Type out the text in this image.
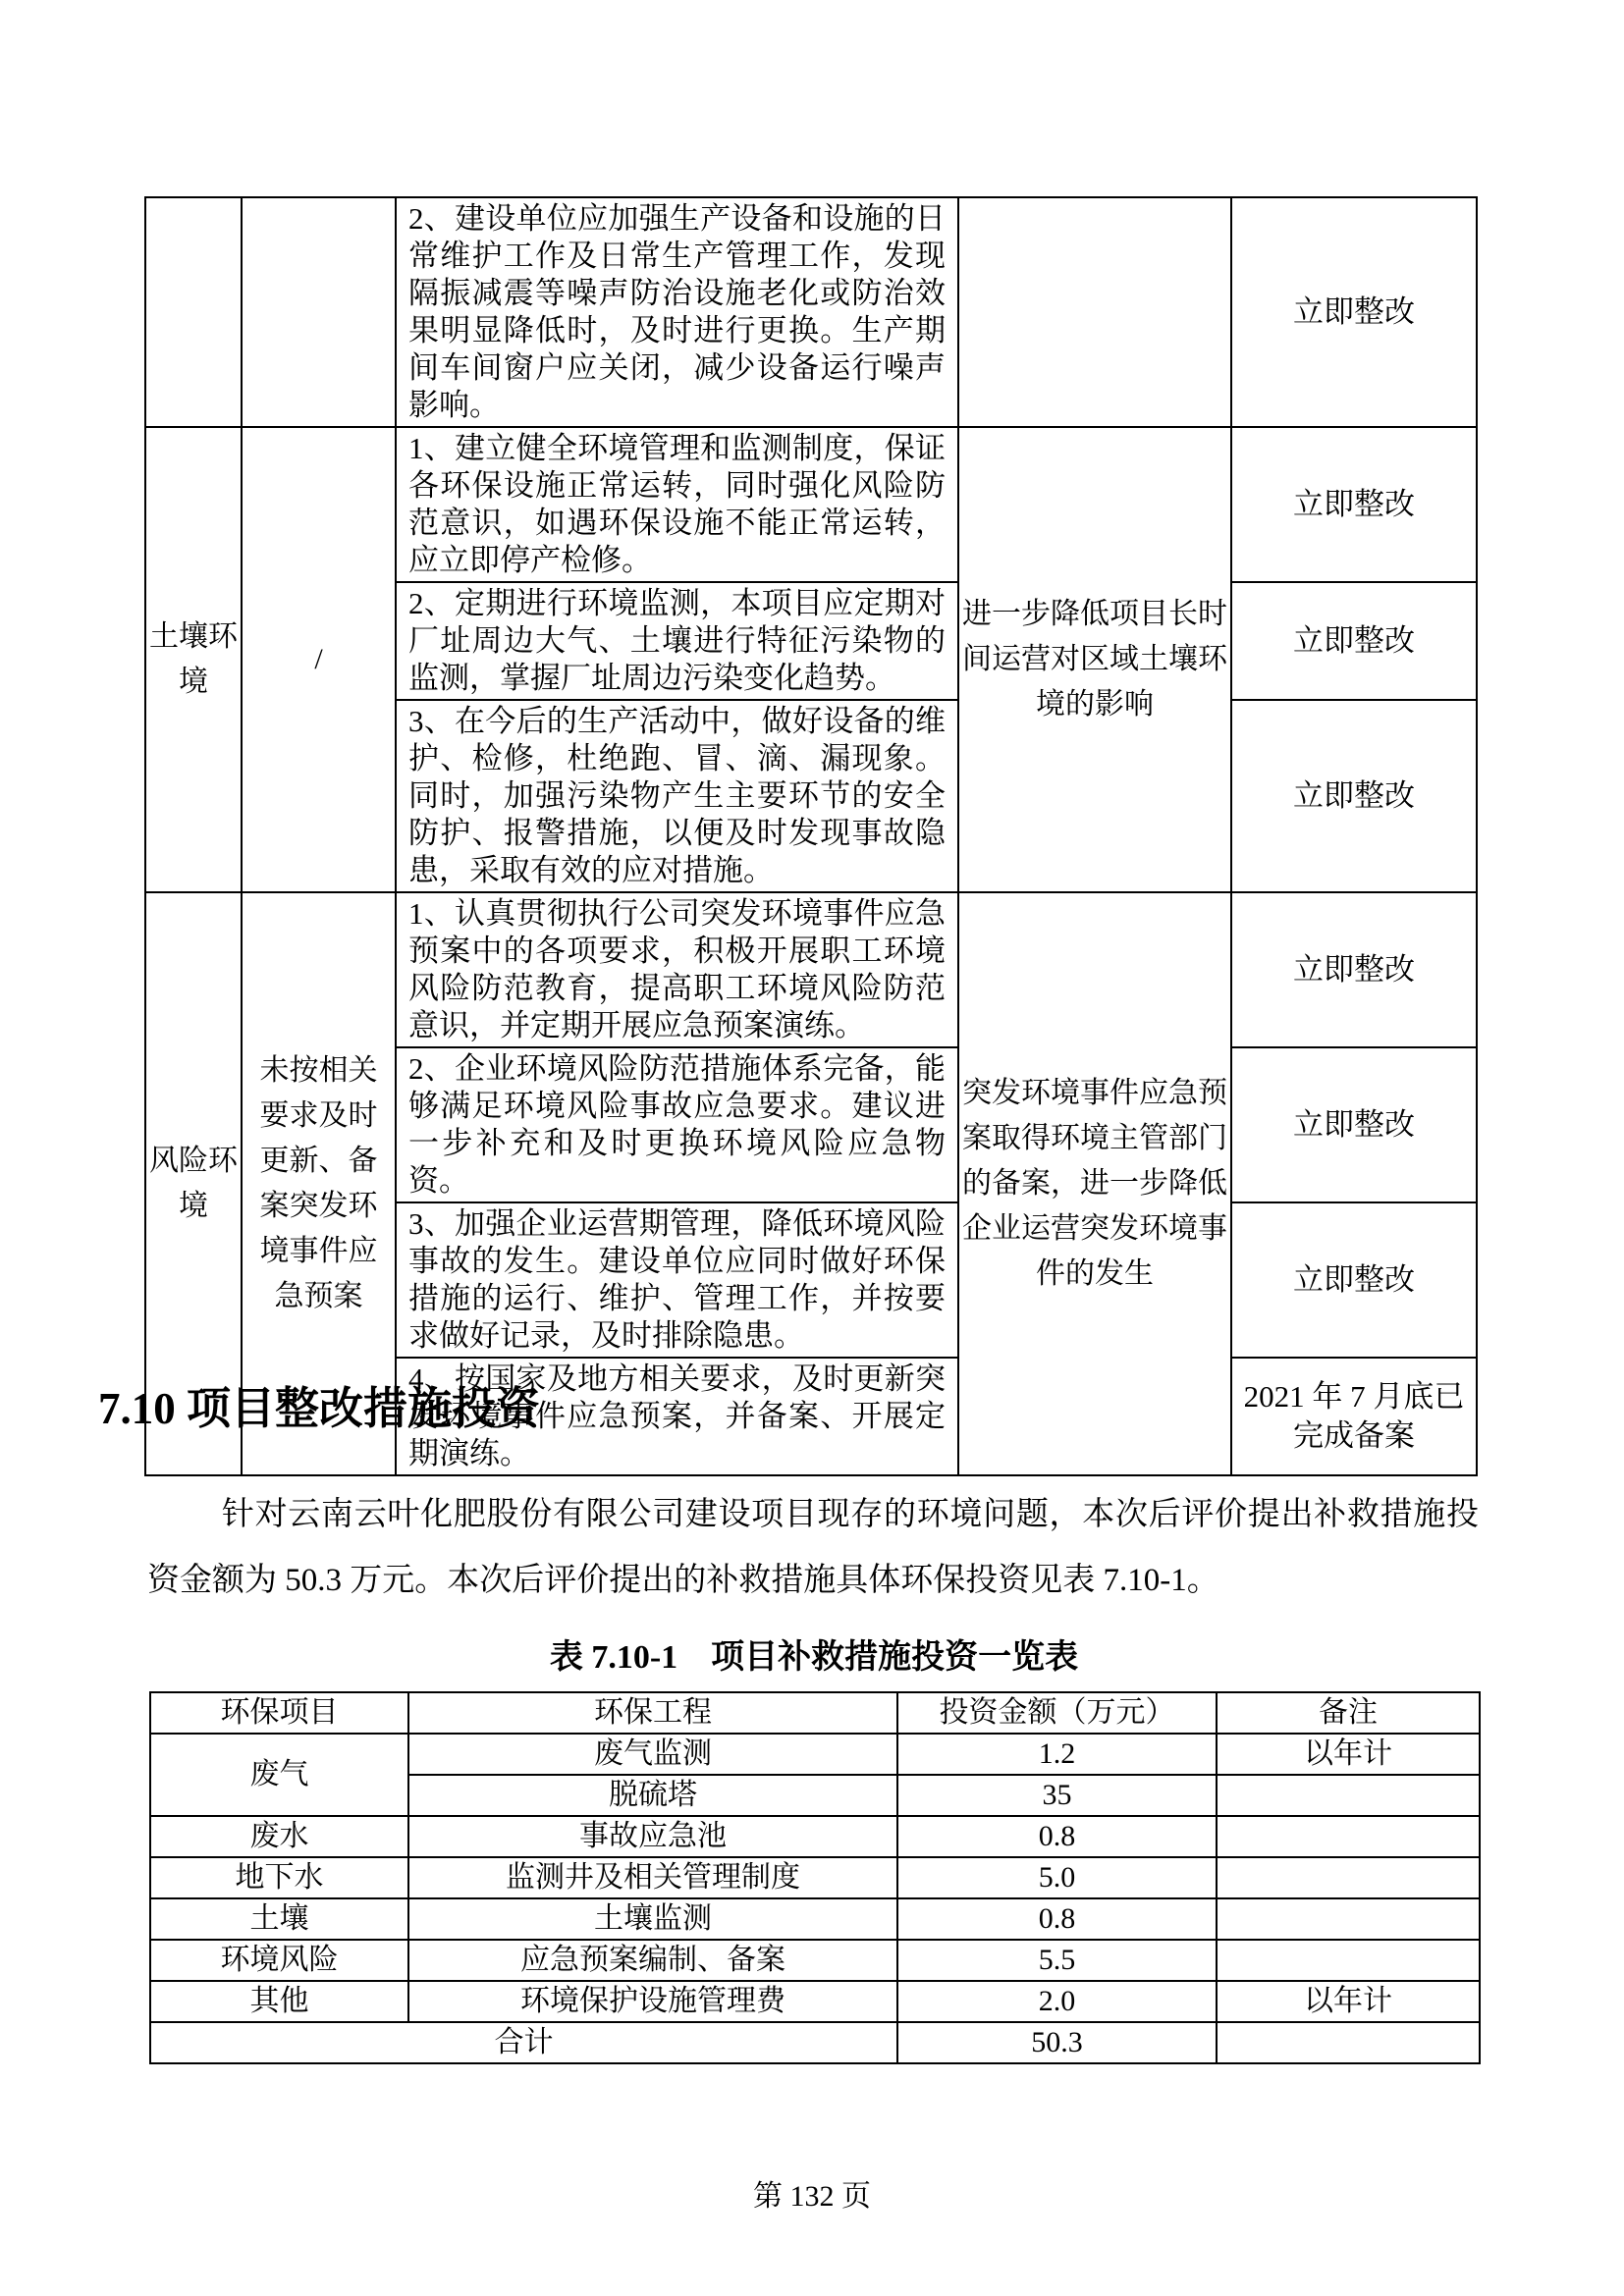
		2、建设单位应加强生产设备和设施的日常维护工作及日常生产管理工作，发现隔振减震等噪声防治设施老化或防治效果明显降低时，及时进行更换。生产期间车间窗户应关闭，减少设备运行噪声影响。		立即整改
土壤环境	/	1、建立健全环境管理和监测制度，保证各环保设施正常运转，同时强化风险防范意识，如遇环保设施不能正常运转，应立即停产检修。	进一步降低项目长时间运营对区域土壤环境的影响	立即整改
		2、定期进行环境监测，本项目应定期对厂址周边大气、土壤进行特征污染物的监测，掌握厂址周边污染变化趋势。		立即整改
		3、在今后的生产活动中，做好设备的维护、检修，杜绝跑、冒、滴、漏现象。同时，加强污染物产生主要环节的安全防护、报警措施，以便及时发现事故隐患，采取有效的应对措施。		立即整改
风险环境	未按相关要求及时更新、备案突发环境事件应急预案	1、认真贯彻执行公司突发环境事件应急预案中的各项要求，积极开展职工环境风险防范教育，提高职工环境风险防范意识，并定期开展应急预案演练。	突发环境事件应急预案取得环境主管部门的备案，进一步降低企业运营突发环境事件的发生	立即整改
		2、企业环境风险防范措施体系完备，能够满足环境风险事故应急要求。建议进一步补充和及时更换环境风险应急物资。		立即整改
		3、加强企业运营期管理，降低环境风险事故的发生。建设单位应同时做好环保措施的运行、维护、管理工作，并按要求做好记录，及时排除隐患。		立即整改
		4、按国家及地方相关要求，及时更新突发环境事件应急预案，并备案、开展定期演练。		2021 年 7 月底已完成备案
7.10 项目整改措施投资
针对云南云叶化肥股份有限公司建设项目现存的环境问题，本次后评价提出补救措施投资金额为 50.3 万元。本次后评价提出的补救措施具体环保投资见表 7.10-1。
表 7.10-1　项目补救措施投资一览表
环保项目	环保工程	投资金额（万元）	备注
废气	废气监测	1.2	以年计
	脱硫塔	35	
废水	事故应急池	0.8	
地下水	监测井及相关管理制度	5.0	
土壤	土壤监测	0.8	
环境风险	应急预案编制、备案	5.5	
其他	环境保护设施管理费	2.0	以年计
合计		50.3	
第 132 页
